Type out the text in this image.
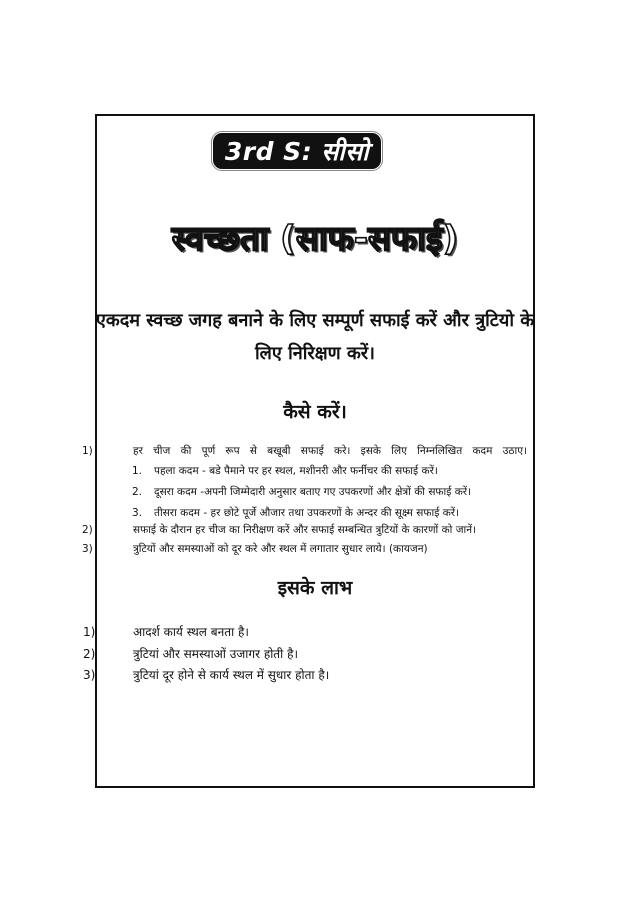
3rd S: सीसो
स्वच्छता (साफ-सफाई)
एकदम स्वच्छ जगह बनाने के लिए सम्पूर्ण सफाई करें और त्रुटियो के लिए निरिक्षण करें।
कैसे करें।
1)	हर चीज की पूर्ण रूप से बखूबी सफाई करे। इसके लिए निम्नलिखित कदम उठाए।
1. पहला कदम - बडे पैमाने पर हर स्थल, मशीनरी और फर्नीचर की सफाई करें।
2. दूसरा कदम -अपनी जिम्मेदारी अनुसार बताए गए उपकरणों और क्षेत्रों की सफाई करें।
3. तीसरा कदम - हर छोटे पूर्जे औजार तथा उपकरणों के अन्दर की सूक्ष्म सफाई करें।
2)	सफाई के दौरान हर चीज का निरीक्षण करें और सफाई सम्बन्धित त्रुटियों के कारणों को जानें।
3)	त्रुटियों और समस्याओं को दूर करे और स्थल में लगातार सुधार लाये। (कायजन)
इसके लाभ
1)	आदर्श कार्य स्थल बनता है।
2)	त्रुटियां और समस्याओं उजागर होती है।
3)	त्रुटियां दूर होने से कार्य स्थल में सुधार होता है।
